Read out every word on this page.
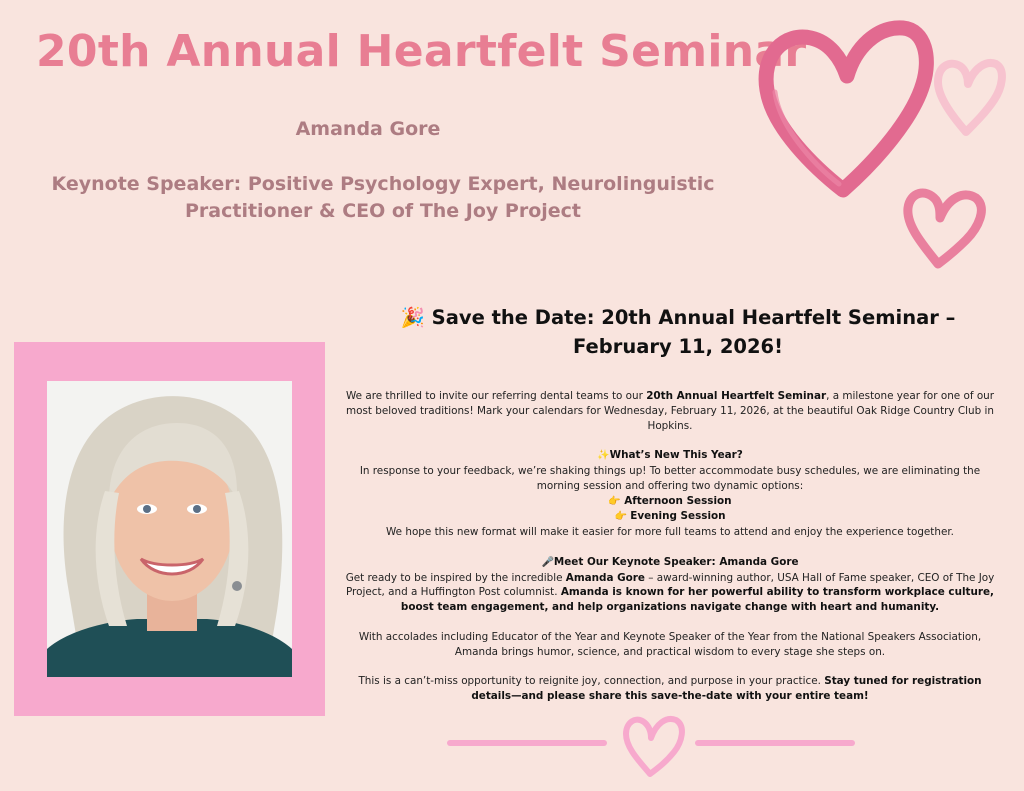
20th Annual Heartfelt Seminar
Amanda Gore
Keynote Speaker: Positive Psychology Expert, Neurolinguistic Practitioner & CEO of The Joy Project
🎉 Save the Date: 20th Annual Heartfelt Seminar –
February 11, 2026!

We are thrilled to invite our referring dental teams to our 20th Annual Heartfelt Seminar, a milestone year for one of our most beloved traditions! Mark your calendars for Wednesday, February 11, 2026, at the beautiful Oak Ridge Country Club in Hopkins.

✨What’s New This Year?
In response to your feedback, we’re shaking things up! To better accommodate busy schedules, we are eliminating the morning session and offering two dynamic options:
👉 Afternoon Session
👉 Evening Session
We hope this new format will make it easier for more full teams to attend and enjoy the experience together.

🎤Meet Our Keynote Speaker: Amanda Gore
Get ready to be inspired by the incredible Amanda Gore – award-winning author, USA Hall of Fame speaker, CEO of The Joy Project, and a Huffington Post columnist. Amanda is known for her powerful ability to transform workplace culture, boost team engagement, and help organizations navigate change with heart and humanity.

With accolades including Educator of the Year and Keynote Speaker of the Year from the National Speakers Association, Amanda brings humor, science, and practical wisdom to every stage she steps on.

This is a can’t-miss opportunity to reignite joy, connection, and purpose in your practice. Stay tuned for registration details—and please share this save-the-date with your entire team!
